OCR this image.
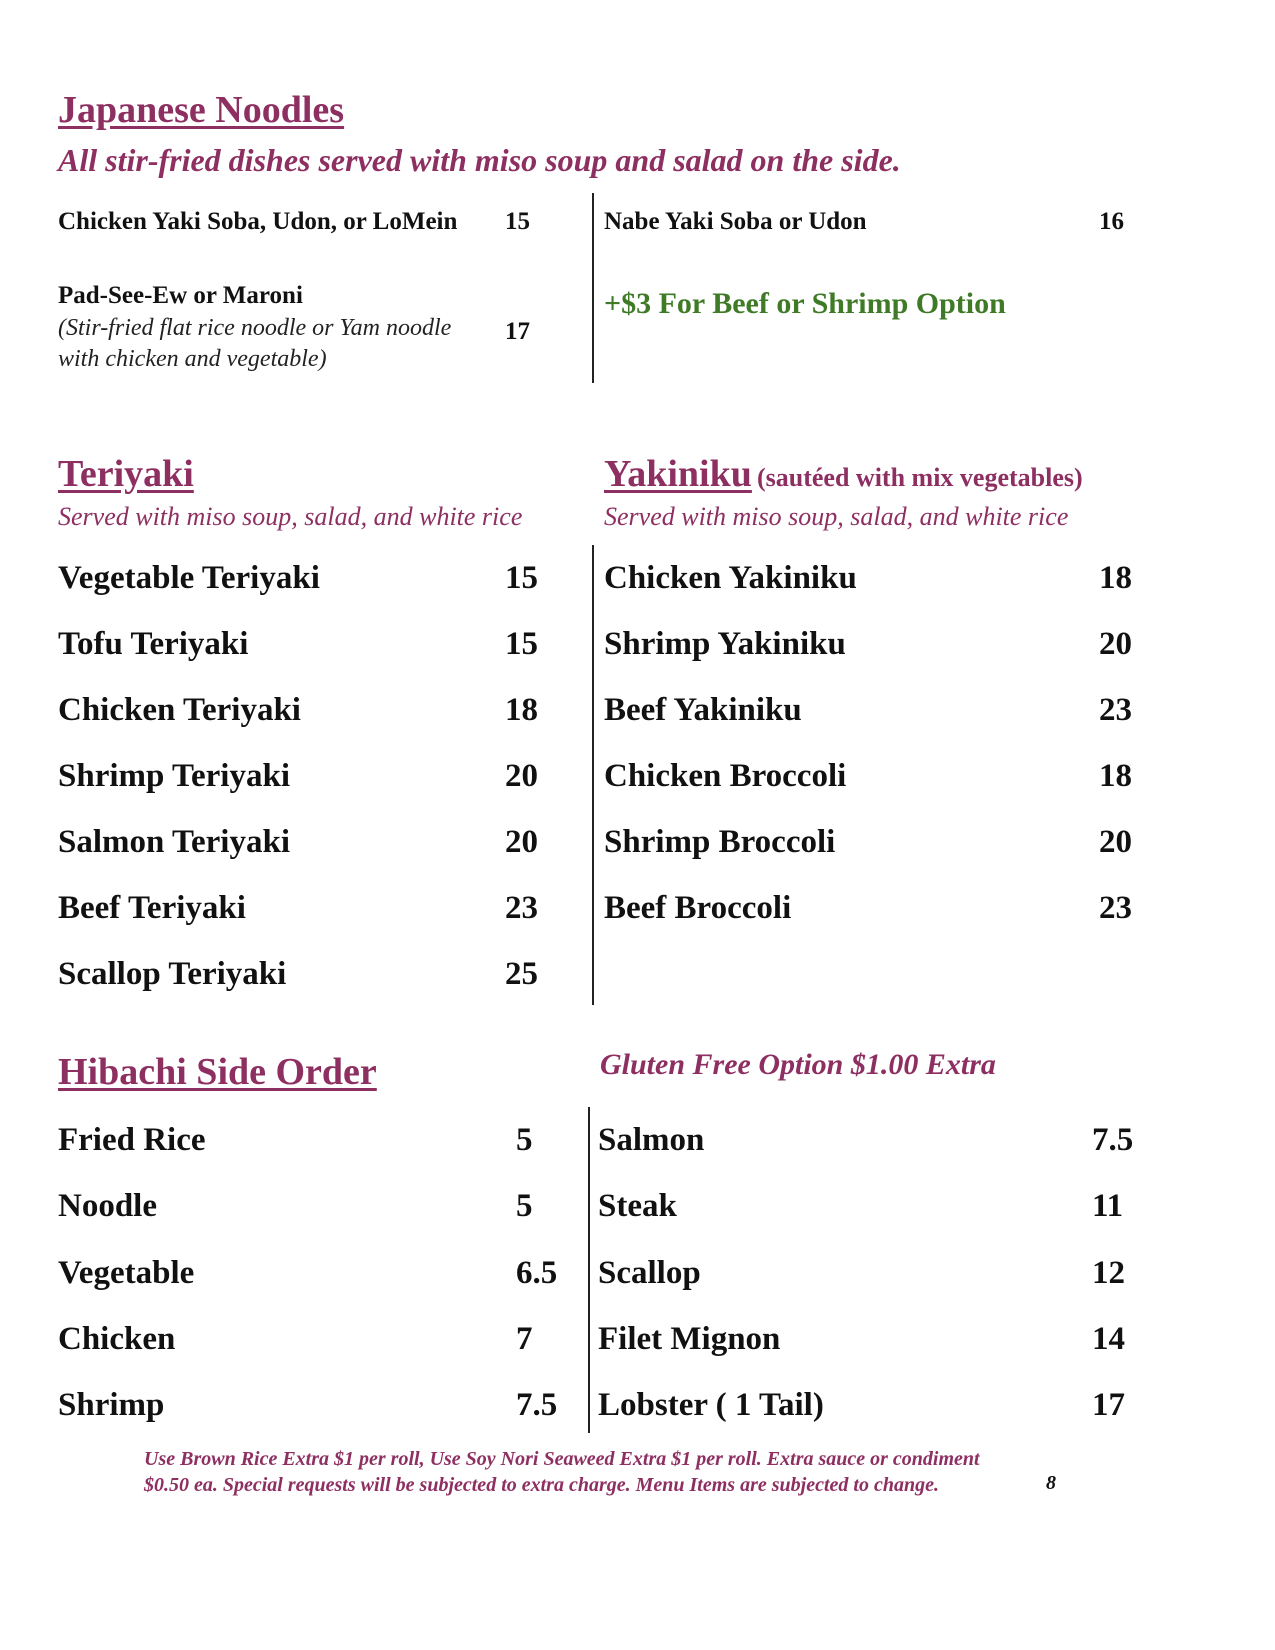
Japanese Noodles
All stir-fried dishes served with miso soup and salad on the side.
Chicken Yaki Soba, Udon, or LoMein 15
Pad-See-Ew or Maroni
(Stir-fried flat rice noodle or Yam noodle
with chicken and vegetable)
17
Nabe Yaki Soba or Udon	16
+$3 For Beef or Shrimp Option
Teriyaki
Served with miso soup, salad, and white rice
Vegetable Teriyaki	15
Tofu Teriyaki	15
Chicken Teriyaki	18
Shrimp Teriyaki	20
Salmon Teriyaki	20
Beef Teriyaki	23
Scallop Teriyaki	25
Yakiniku (sautéed with mix vegetables)
Served with miso soup, salad, and white rice
Chicken Yakiniku	18
Shrimp Yakiniku	20
Beef Yakiniku	23
Chicken Broccoli	18
Shrimp Broccoli	20
Beef Broccoli	23
Hibachi Side Order	Gluten Free Option $1.00 Extra
Fried Rice	5
Noodle	5
Vegetable	6.5
Chicken	7
Shrimp	7.5
Salmon	7.5
Steak	11
Scallop	12
Filet Mignon	14
Lobster ( 1 Tail)	17
Use Brown Rice Extra $1 per roll, Use Soy Nori Seaweed Extra $1 per roll. Extra sauce or condiment
$0.50 ea. Special requests will be subjected to extra charge. Menu Items are subjected to change.	8
